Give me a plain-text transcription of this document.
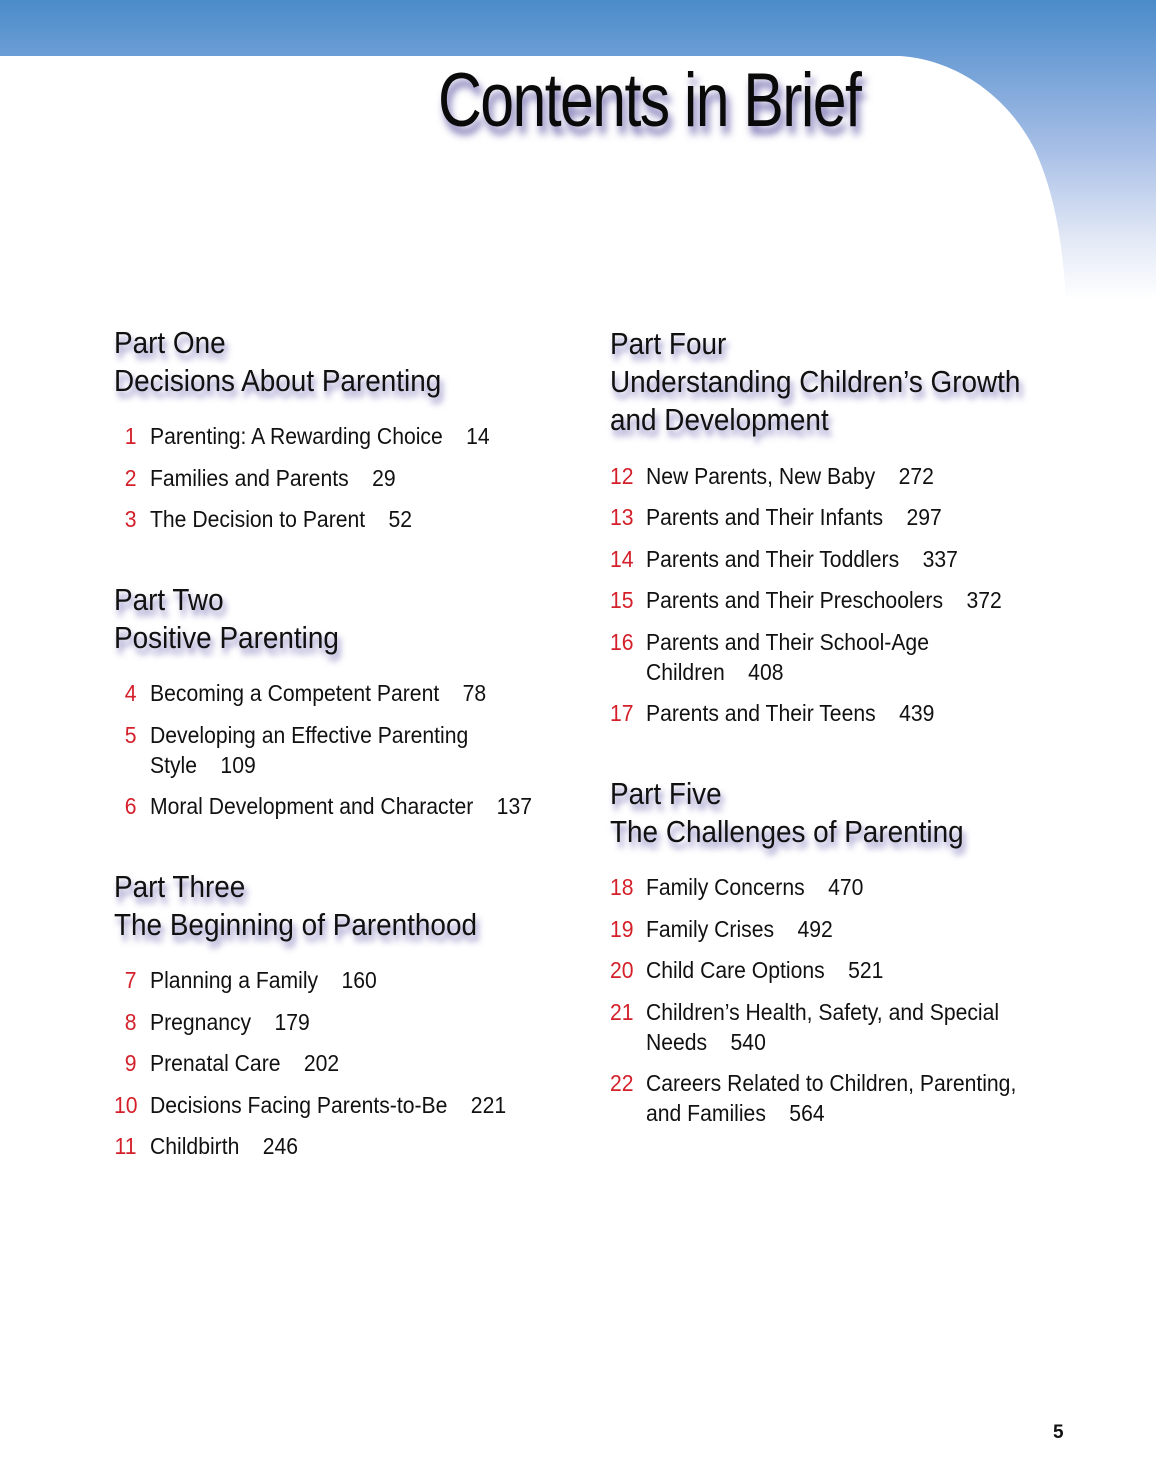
Contents in Brief
Part One
Decisions About Parenting
1 Parenting: A Rewarding Choice 14
2 Families and Parents 29
3 The Decision to Parent 52
Part Two
Positive Parenting
4 Becoming a Competent Parent 78
5 Developing an Effective Parenting
Style 109
6 Moral Development and Character 137
Part Three
The Beginning of Parenthood
7 Planning a Family 160
8 Pregnancy 179
9 Prenatal Care 202
10 Decisions Facing Parents-to-Be 221
11 Childbirth 246
Part Four
Understanding Children’s Growth
and Development
12 New Parents, New Baby 272
13 Parents and Their Infants 297
14 Parents and Their Toddlers 337
15 Parents and Their Preschoolers 372
16 Parents and Their School-Age
Children 408
17 Parents and Their Teens 439
Part Five
The Challenges of Parenting
18 Family Concerns 470
19 Family Crises 492
20 Child Care Options 521
21 Children’s Health, Safety, and Special
Needs 540
22 Careers Related to Children, Parenting,
and Families 564
5
